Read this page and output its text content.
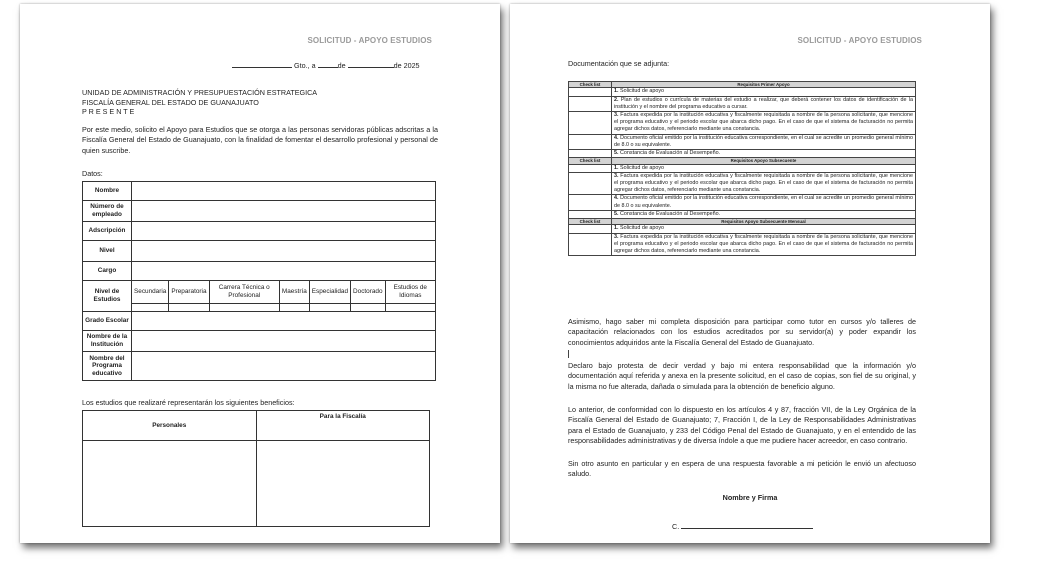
SOLICITUD - APOYO ESTUDIOS
Gto., a	de	de 2025
UNIDAD DE ADMINISTRACIÓN Y PRESUPUESTACIÓN ESTRATEGICA
FISCALÍA GENERAL DEL ESTADO DE GUANAJUATO
P R E S E N T E
Por este medio, solicito el Apoyo para Estudios que se otorga a las personas servidoras públicas adscritas a la Fiscalía General del Estado de Guanajuato, con la finalidad de fomentar el desarrollo profesional y personal de quien suscribe.
Datos:
Nombre							
Número de empleado							
Adscripción							
Nivel							
Cargo							
Nivel de Estudios	Secundaria	Preparatoria	Carrera Técnica o Profesional	Maestría	Especialidad	Doctorado	Estudios de Idiomas

Grado Escolar							
Nombre de la Institución							
Nombre del Programa educativo							
Los estudios que realizaré representarán los siguientes beneficios:
Personales	Para la Fiscalía

SOLICITUD - APOYO ESTUDIOS
Documentación que se adjunta:
Check list	Requisitos Primer Apoyo
	1. Solicitud de apoyo
	2. Plan de estudios o currícula de materias del estudio a realizar, que deberá contener los datos de identificación de la institución y el nombre del programa educativo a cursar.
	3. Factura expedida por la institución educativa y fiscalmente requisitada a nombre de la persona solicitante, que mencione el programa educativo y el periodo escolar que abarca dicho pago. En el caso de que el sistema de facturación no permita agregar dichos datos, referenciarlo mediante una constancia.
	4. Documento oficial emitido por la institución educativa correspondiente, en el cual se acredite un promedio general mínimo de 8.0 o su equivalente.
	5. Constancia de Evaluación al Desempeño.
Check list	Requisitos Apoyo Subsecuente
	1. Solicitud de apoyo
	3. Factura expedida por la institución educativa y fiscalmente requisitada a nombre de la persona solicitante, que mencione el programa educativo y el periodo escolar que abarca dicho pago. En el caso de que el sistema de facturación no permita agregar dichos datos, referenciarlo mediante una constancia.
	4. Documento oficial emitido por la institución educativa correspondiente, en el cual se acredite un promedio general mínimo de 8.0 o su equivalente.
	5. Constancia de Evaluación al Desempeño.
Check list	Requisitos Apoyo Subsecuente Mensual
	1. Solicitud de apoyo
	3. Factura expedida por la institución educativa y fiscalmente requisitada a nombre de la persona solicitante, que mencione el programa educativo y el periodo escolar que abarca dicho pago. En el caso de que el sistema de facturación no permita agregar dichos datos, referenciarlo mediante una constancia.
Asimismo, hago saber mi completa disposición para participar como tutor en cursos y/o talleres de capacitación relacionados con los estudios acreditados por su servidor(a) y poder expandir los conocimientos adquiridos ante la Fiscalía General del Estado de Guanajuato.
Declaro bajo protesta de decir verdad y bajo mi entera responsabilidad que la información y/o documentación aquí referida y anexa en la presente solicitud, en el caso de copias, son fiel de su original, y la misma no fue alterada, dañada o simulada para la obtención de beneficio alguno.
Lo anterior, de conformidad con lo dispuesto en los artículos 4 y 87, fracción VII, de la Ley Orgánica de la Fiscalía General del Estado de Guanajuato; 7, Fracción I, de la Ley de Responsabilidades Administrativas para el Estado de Guanajuato, y 233 del Código Penal del Estado de Guanajuato, y en el entendido de las responsabilidades administrativas y de diversa índole a que me pudiere hacer acreedor, en caso contrario.
Sin otro asunto en particular y en espera de una respuesta favorable a mi petición le envió un afectuoso saludo.
Nombre y Firma
C.
